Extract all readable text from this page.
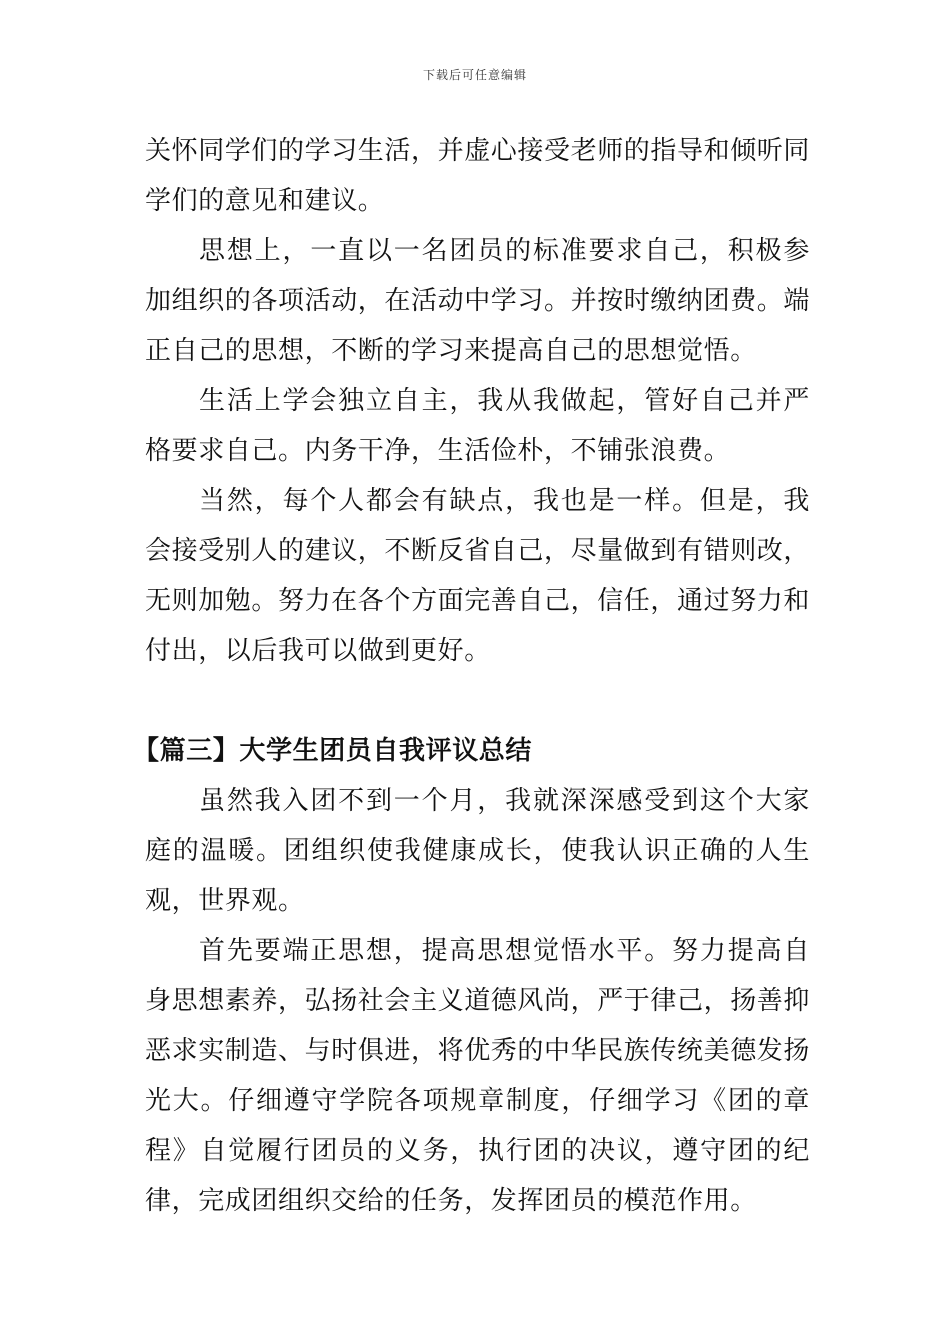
下载后可任意编辑

关怀同学们的学习生活，并虚心接受老师的指导和倾听同学们的意见和建议。

思想上，一直以一名团员的标准要求自己，积极参加组织的各项活动，在活动中学习。并按时缴纳团费。端正自己的思想，不断的学习来提高自己的思想觉悟。

生活上学会独立自主，我从我做起，管好自己并严格要求自己。内务干净，生活俭朴，不铺张浪费。

当然，每个人都会有缺点，我也是一样。但是，我会接受别人的建议，不断反省自己，尽量做到有错则改，无则加勉。努力在各个方面完善自己，信任，通过努力和付出，以后我可以做到更好。

【篇三】大学生团员自我评议总结

虽然我入团不到一个月，我就深深感受到这个大家庭的温暖。团组织使我健康成长，使我认识正确的人生观，世界观。

首先要端正思想，提高思想觉悟水平。努力提高自身思想素养，弘扬社会主义道德风尚，严于律己，扬善抑恶求实制造、与时俱进，将优秀的中华民族传统美德发扬光大。仔细遵守学院各项规章制度，仔细学习《团的章程》自觉履行团员的义务，执行团的决议，遵守团的纪律，完成团组织交给的任务，发挥团员的模范作用。
